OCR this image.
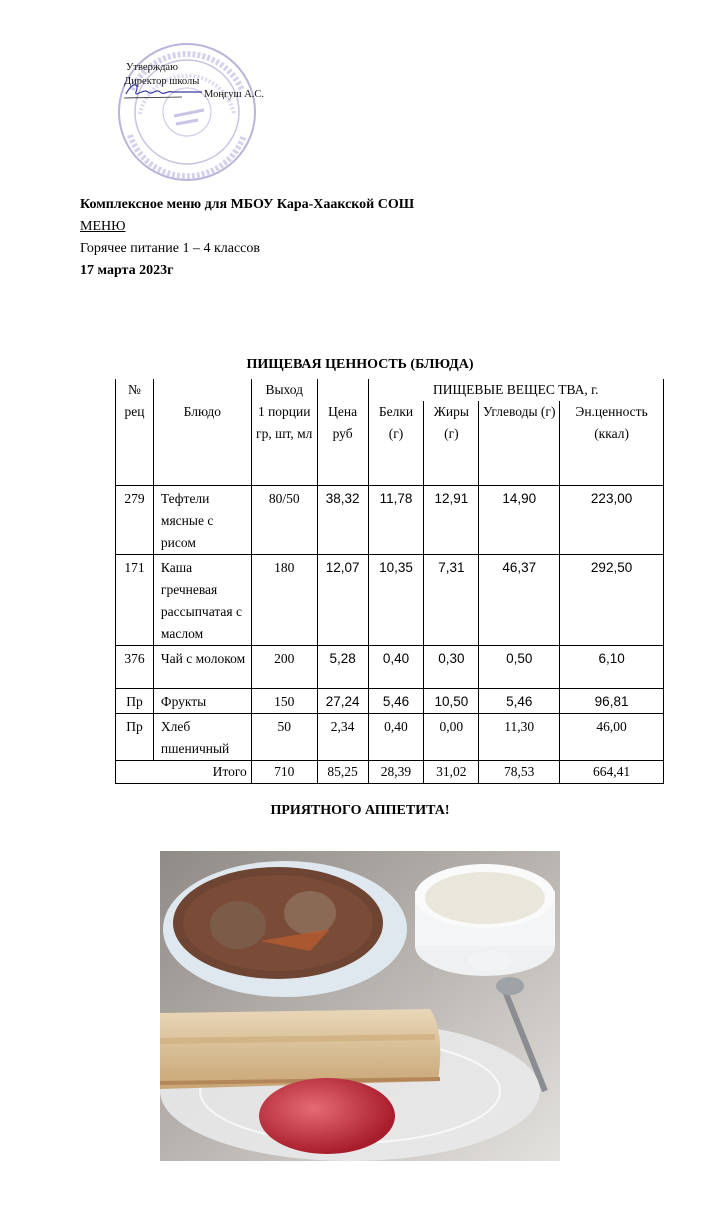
Утверждаю
Директор школы
Моңгуш А.С.
Комплексное меню для МБОУ Кара-Хаакской СОШ
МЕНЮ
Горячее питание 1 – 4 классов
17 марта 2023г
ПИЩЕВАЯ ЦЕННОСТЬ (БЛЮДА)
№		Выход		ПИЩЕВЫЕ ВЕЩЕС ТВА, г.			
рец	Блюдо	1 порции гр, шт, мл	Цена руб	Белки (г)	Жиры (г)	Углеводы (г)	Эн.ценность (ккал)
279	Тефтели мясные с рисом	80/50	38,32	11,78	12,91	14,90	223,00
171	Каша гречневая рассыпчатая с маслом	180	12,07	10,35	7,31	46,37	292,50
376	Чай с молоком	200	5,28	0,40	0,30	0,50	6,10
Пр	Фрукты	150	27,24	5,46	10,50	5,46	96,81
Пр	Хлеб пшеничный	50	2,34	0,40	0,00	11,30	46,00
Итого		710	85,25	28,39	31,02	78,53	664,41
ПРИЯТНОГО АППЕТИТА!
